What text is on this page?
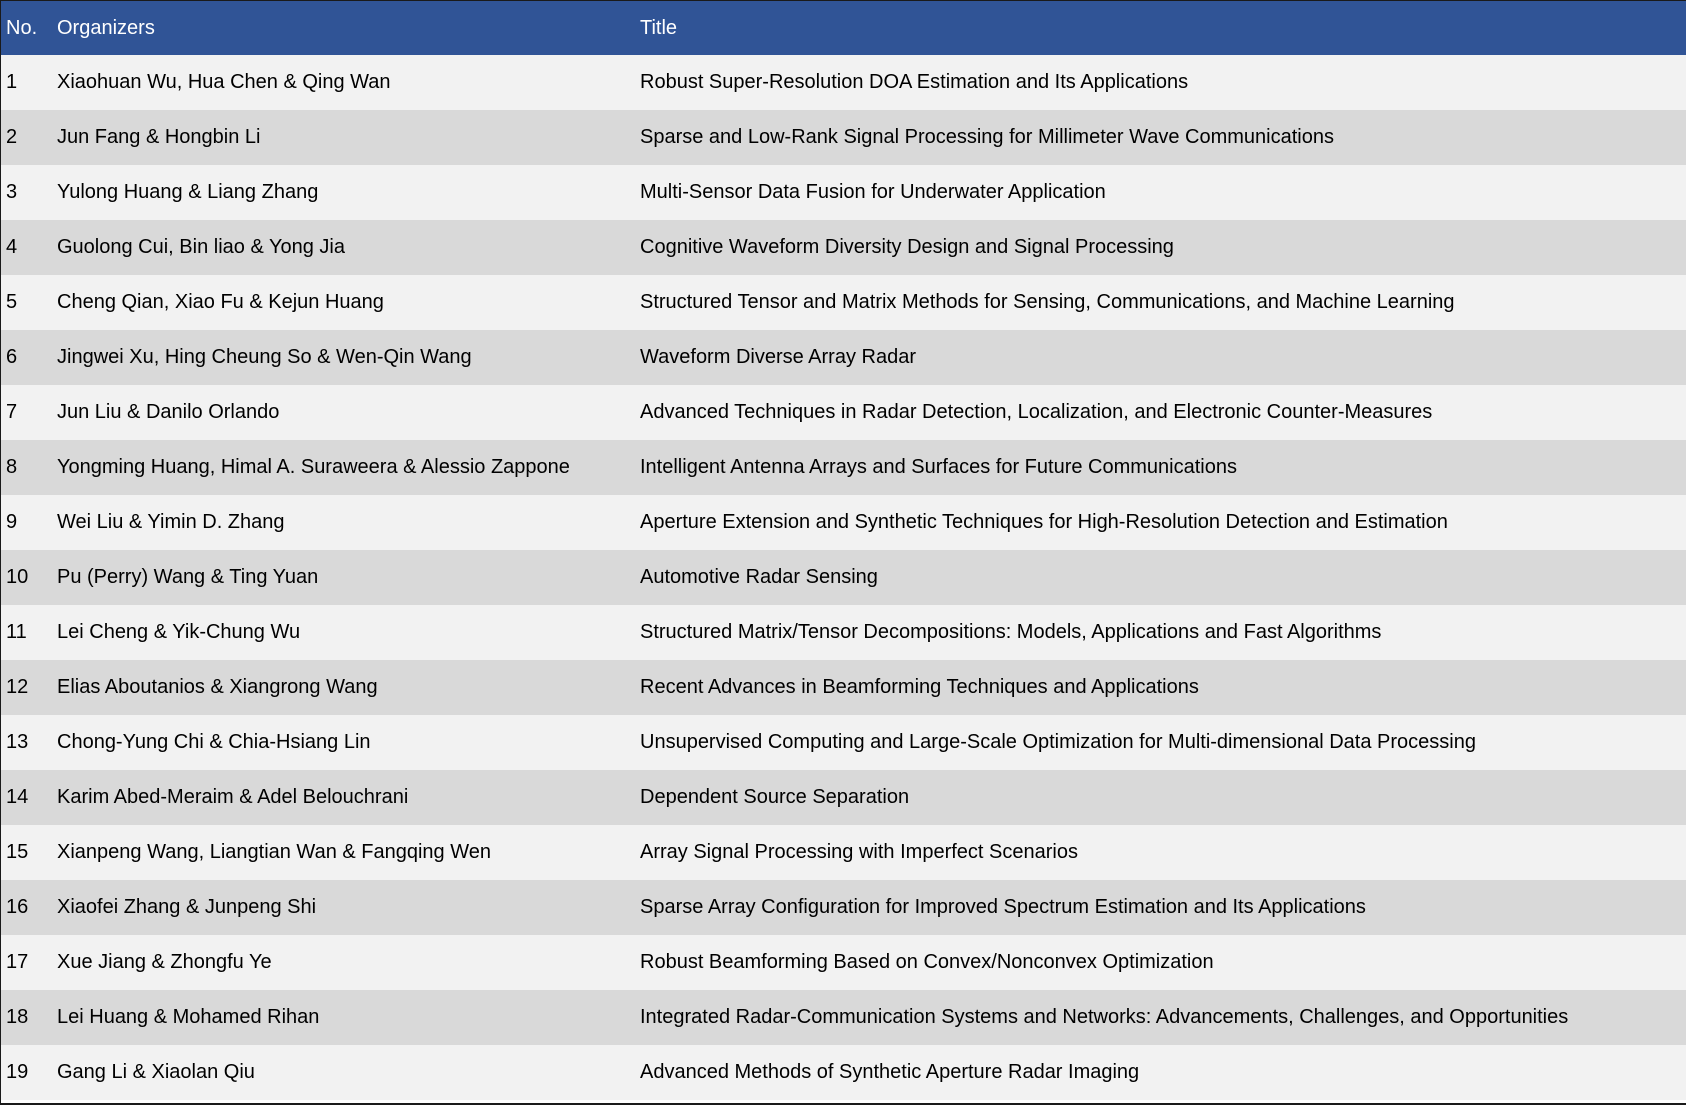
No.	Organizers	Title
1	Xiaohuan Wu, Hua Chen & Qing Wan	Robust Super-Resolution DOA Estimation and Its Applications
2	Jun Fang & Hongbin Li	Sparse and Low-Rank Signal Processing for Millimeter Wave Communications
3	Yulong Huang & Liang Zhang	Multi-Sensor Data Fusion for Underwater Application
4	Guolong Cui, Bin liao & Yong Jia	Cognitive Waveform Diversity Design and Signal Processing
5	Cheng Qian, Xiao Fu & Kejun Huang	Structured Tensor and Matrix Methods for Sensing, Communications, and Machine Learning
6	Jingwei Xu, Hing Cheung So & Wen-Qin Wang	Waveform Diverse Array Radar
7	Jun Liu & Danilo Orlando	Advanced Techniques in Radar Detection, Localization, and Electronic Counter-Measures
8	Yongming Huang, Himal A. Suraweera & Alessio Zappone	Intelligent Antenna Arrays and Surfaces for Future Communications
9	Wei Liu & Yimin D. Zhang	Aperture Extension and Synthetic Techniques for High-Resolution Detection and Estimation
10	Pu (Perry) Wang & Ting Yuan	Automotive Radar Sensing
11	Lei Cheng & Yik-Chung Wu	Structured Matrix/Tensor Decompositions: Models, Applications and Fast Algorithms
12	Elias Aboutanios & Xiangrong Wang	Recent Advances in Beamforming Techniques and Applications
13	Chong-Yung Chi & Chia-Hsiang Lin	Unsupervised Computing and Large-Scale Optimization for Multi-dimensional Data Processing
14	Karim Abed-Meraim & Adel Belouchrani	Dependent Source Separation
15	Xianpeng Wang, Liangtian Wan & Fangqing Wen	Array Signal Processing with Imperfect Scenarios
16	Xiaofei Zhang & Junpeng Shi	Sparse Array Configuration for Improved Spectrum Estimation and Its Applications
17	Xue Jiang & Zhongfu Ye	Robust Beamforming Based on Convex/Nonconvex Optimization
18	Lei Huang & Mohamed Rihan	Integrated Radar-Communication Systems and Networks: Advancements, Challenges, and Opportunities
19	Gang Li & Xiaolan Qiu	Advanced Methods of Synthetic Aperture Radar Imaging
